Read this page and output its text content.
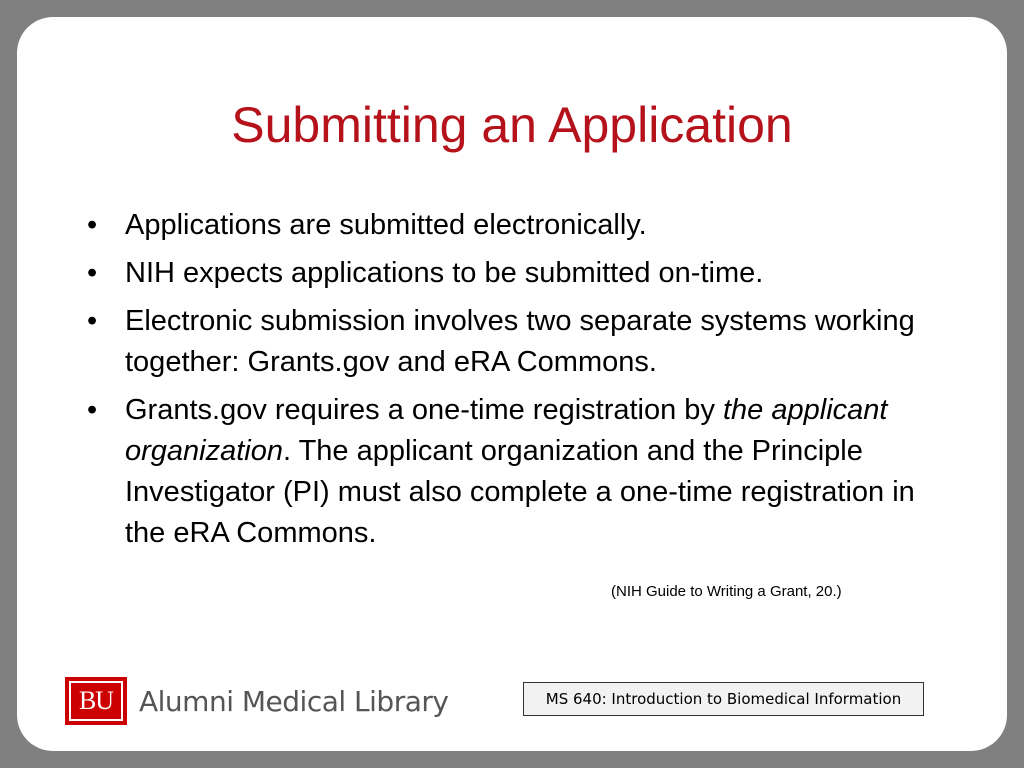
Submitting an Application
• Applications are submitted electronically.
• NIH expects applications to be submitted on-time.
• Electronic submission involves two separate systems working together: Grants.gov and eRA Commons.
• Grants.gov requires a one-time registration by the applicant organization. The applicant organization and the Principle Investigator (PI) must also complete a one-time registration in the eRA Commons.
(NIH Guide to Writing a Grant, 20.)
BU Alumni Medical Library	MS 640: Introduction to Biomedical Information
